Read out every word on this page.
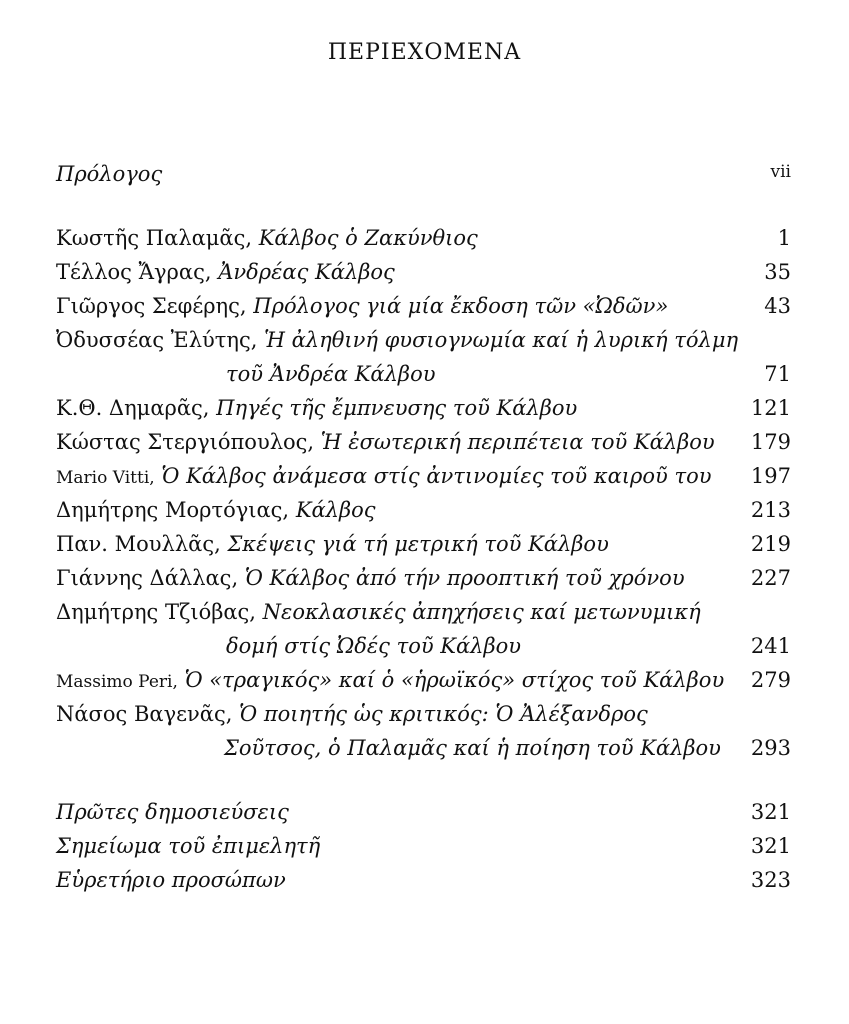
ΠΕΡΙΕΧΟΜΕΝΑ
Πρόλογος	vii
Κωστῆς Παλαμᾶς, Κάλβος ὁ Ζακύνθιος	1
Τέλλος Ἄγρας, Ἀνδρέας Κάλβος	35
Γιῶργος Σεφέρης, Πρόλογος γιά μία ἔκδοση τῶν «Ὠδῶν»	43
Ὀδυσσέας Ἐλύτης, Ἡ ἀληθινή φυσιογνωμία καί ἡ λυρική τόλμη
τοῦ Ἀνδρέα Κάλβου	71
Κ.Θ. Δημαρᾶς, Πηγές τῆς ἔμπνευσης τοῦ Κάλβου	121
Κώστας Στεργιόπουλος, Ἡ ἐσωτερική περιπέτεια τοῦ Κάλβου 179
Mario Vitti, Ὁ Κάλβος ἀνάμεσα στίς ἀντινομίες τοῦ καιροῦ του 197
Δημήτρης Μορτόγιας, Κάλβος	213
Παν. Μουλλᾶς, Σκέψεις γιά τή μετρική τοῦ Κάλβου	219
Γιάννης Δάλλας, Ὁ Κάλβος ἀπό τήν προοπτική τοῦ χρόνου	227
Δημήτρης Τζιόβας, Νεοκλασικές ἀπηχήσεις καί μετωνυμική
δομή στίς Ὠδές τοῦ Κάλβου	241
Massimo Peri, Ὁ «τραγικός» καί ὁ «ἡρωϊκός» στίχος τοῦ Κάλβου 279
Νάσος Βαγενᾶς, Ὁ ποιητής ὡς κριτικός: Ὁ Ἀλέξανδρος
Σοῦτσος, ὁ Παλαμᾶς καί ἡ ποίηση τοῦ Κάλβου 293
Πρῶτες δημοσιεύσεις	321
Σημείωμα τοῦ ἐπιμελητῆ	321
Εὑρετήριο προσώπων	323
